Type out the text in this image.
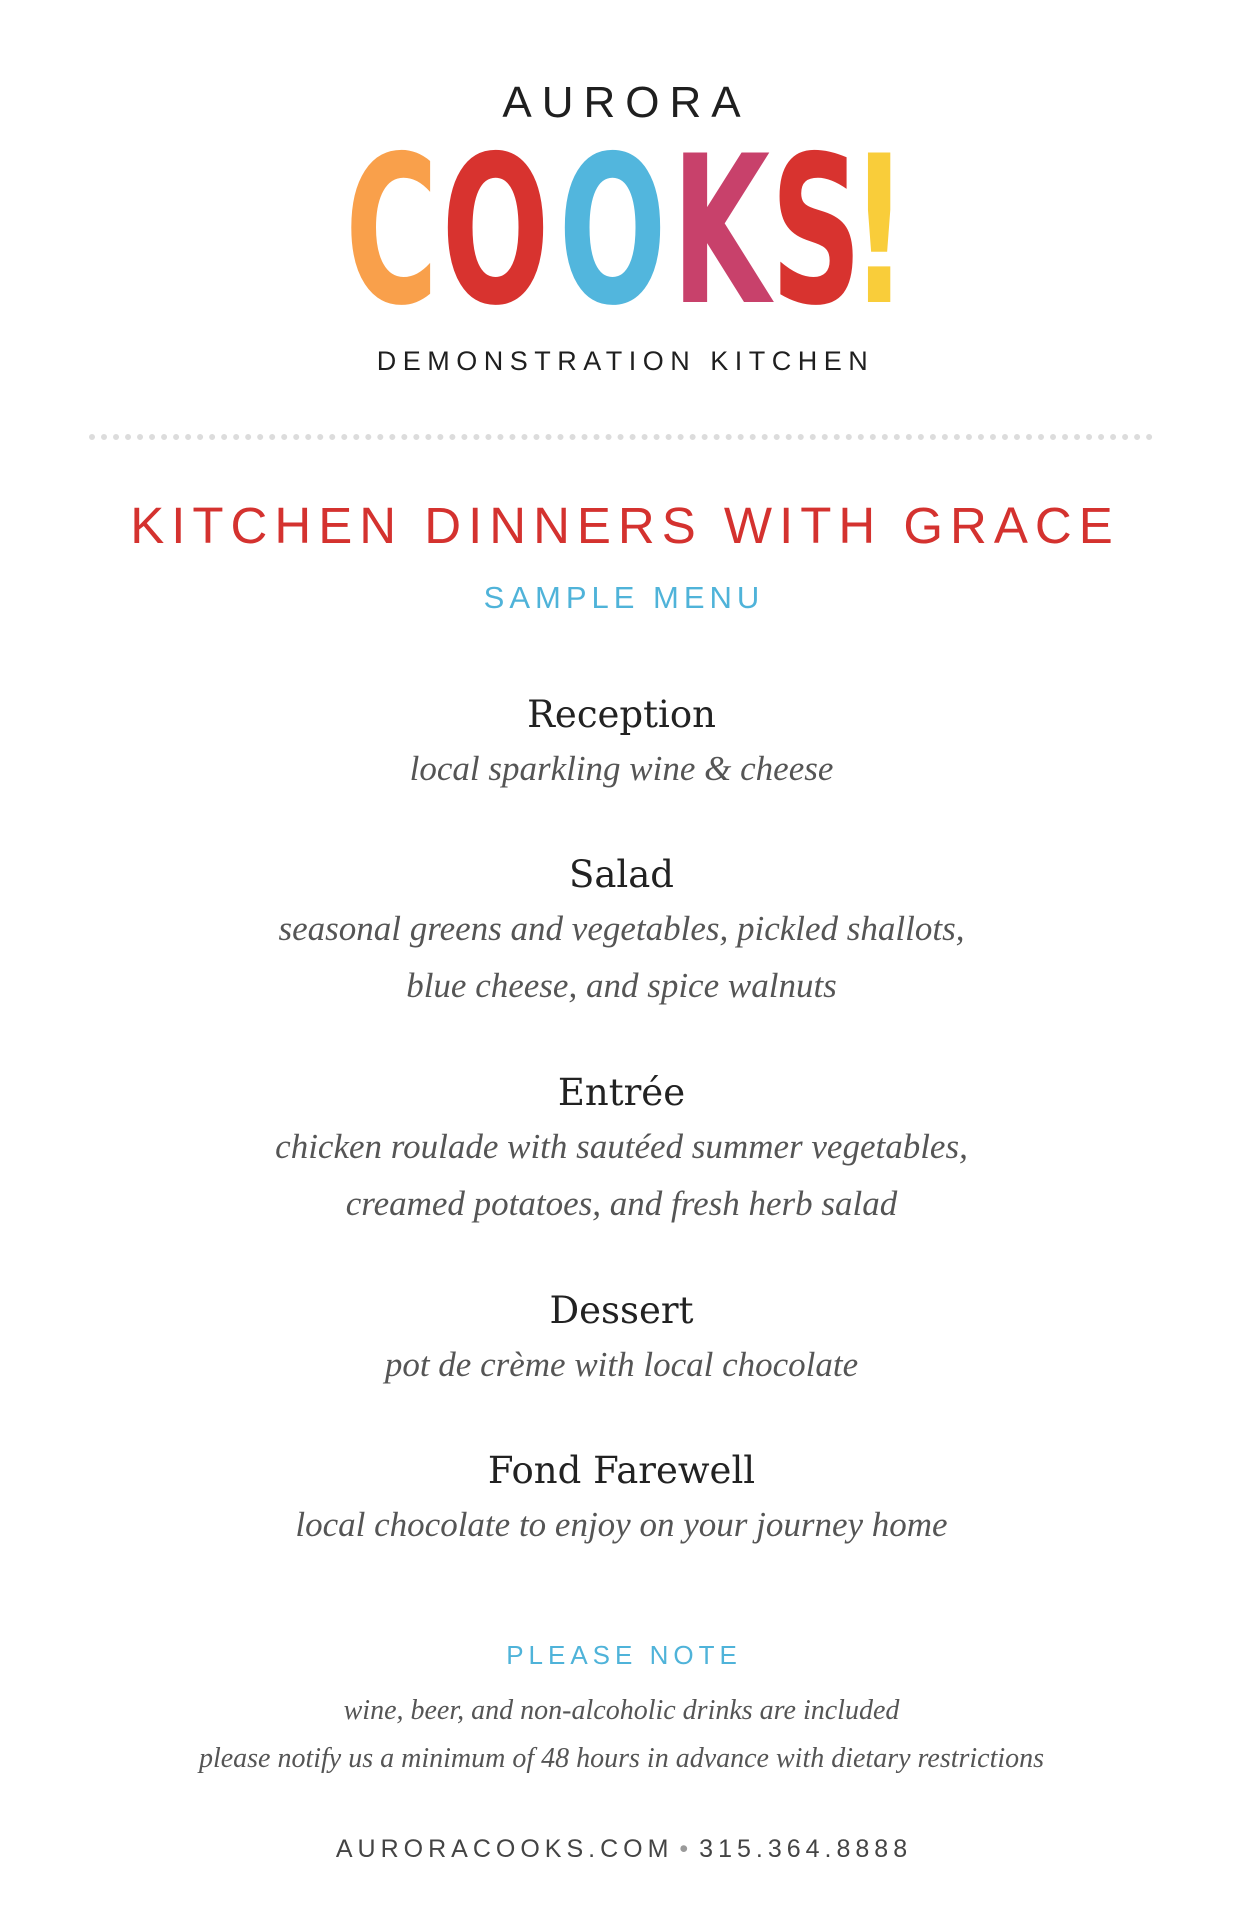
AURORA
COOKS!
DEMONSTRATION KITCHEN
KITCHEN DINNERS WITH GRACE
SAMPLE MENU
Reception
local sparkling wine & cheese
Salad
seasonal greens and vegetables, pickled shallots,
blue cheese, and spice walnuts
Entrée
chicken roulade with sautéed summer vegetables,
creamed potatoes, and fresh herb salad
Dessert
pot de crème with local chocolate
Fond Farewell
local chocolate to enjoy on your journey home
PLEASE NOTE
wine, beer, and non-alcoholic drinks are included
please notify us a minimum of 48 hours in advance with dietary restrictions
AURORACOOKS.COM • 315.364.8888
